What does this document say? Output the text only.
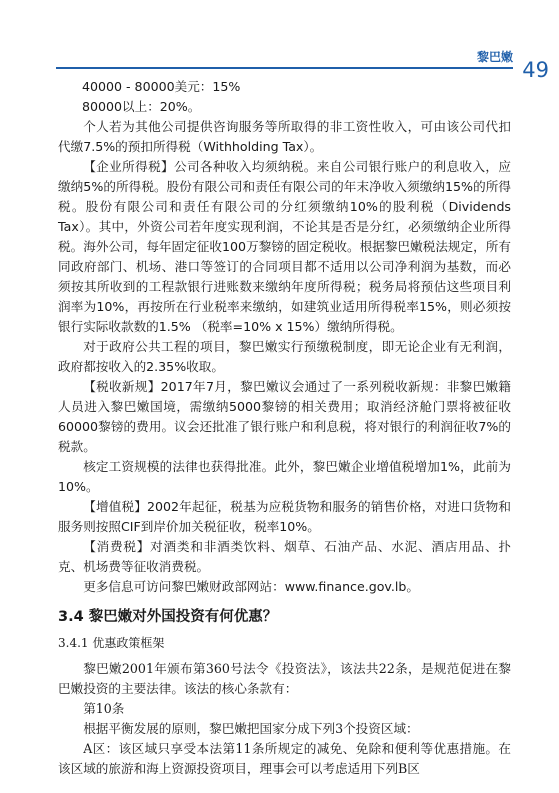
黎巴嫩
49

40000 - 80000美元：15%

80000以上：20%。

个人若为其他公司提供咨询服务等所取得的非工资性收入，可由该公司代扣代缴7.5%的预扣所得税（Withholding Tax）。

【企业所得税】公司各种收入均须纳税。来自公司银行账户的利息收入，应缴纳5%的所得税。股份有限公司和责任有限公司的年末净收入须缴纳15%的所得税。股份有限公司和责任有限公司的分红须缴纳10%的股利税（Dividends Tax）。其中，外资公司若年度实现利润，不论其是否是分红，必须缴纳企业所得税。海外公司，每年固定征收100万黎镑的固定税收。根据黎巴嫩税法规定，所有同政府部门、机场、港口等签订的合同项目都不适用以公司净利润为基数，而必须按其所收到的工程款银行进账数来缴纳年度所得税；税务局将预估这些项目利润率为10%，再按所在行业税率来缴纳，如建筑业适用所得税率15%，则必须按银行实际收款数的1.5% （税率=10% x 15%）缴纳所得税。

对于政府公共工程的项目，黎巴嫩实行预缴税制度，即无论企业有无利润，政府都按收入的2.35%收取。

【税收新规】2017年7月，黎巴嫩议会通过了一系列税收新规：非黎巴嫩籍人员进入黎巴嫩国境，需缴纳5000黎镑的相关费用；取消经济舱门票将被征收60000黎镑的费用。议会还批准了银行账户和利息税，将对银行的利润征收7%的税款。

核定工资规模的法律也获得批准。此外，黎巴嫩企业增值税增加1%，此前为10%。

【增值税】2002年起征，税基为应税货物和服务的销售价格，对进口货物和服务则按照CIF到岸价加关税征收，税率10%。

【消费税】对酒类和非酒类饮料、烟草、石油产品、水泥、酒店用品、扑克、机场费等征收消费税。

更多信息可访问黎巴嫩财政部网站：www.finance.gov.lb。

3.4 黎巴嫩对外国投资有何优惠？
3.4.1 优惠政策框架

黎巴嫩2001年颁布第360号法令《投资法》，该法共22条，是规范促进在黎巴嫩投资的主要法律。该法的核心条款有：

第10条

根据平衡发展的原则，黎巴嫩把国家分成下列3个投资区域：

A区：该区域只享受本法第11条所规定的减免、免除和便利等优惠措施。在该区域的旅游和海上资源投资项目，理事会可以考虑适用下列B区
